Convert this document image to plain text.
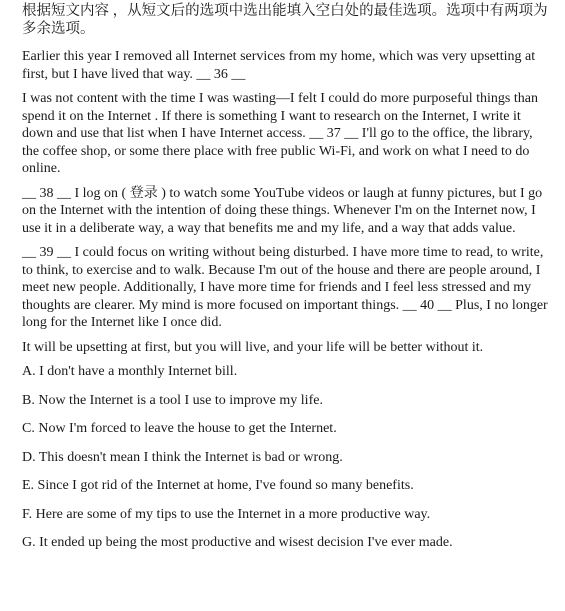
根据短文内容 ，从短文后的选项中选出能填入空白处的最佳选项。选项中有两项为多余选项。

Earlier this year I removed all Internet services from my home, which was very upsetting at first, but I have lived that way. __ 36 __

I was not content with the time I was wasting—I felt I could do more purposeful things than spend it on the Internet . If there is something I want to research on the Internet, I write it down and use that list when I have Internet access. __ 37 __ I'll go to the office, the library, the coffee shop, or some there place with free public Wi-Fi, and work on what I need to do online.

__ 38 __ I log on ( 登录 ) to watch some YouTube videos or laugh at funny pictures, but I go on the Internet with the intention of doing these things. Whenever I'm on the Internet now, I use it in a deliberate way, a way that benefits me and my life, and a way that adds value.

__ 39 __ I could focus on writing without being disturbed. I have more time to read, to write, to think, to exercise and to walk. Because I'm out of the house and there are people around, I meet new people. Additionally, I have more time for friends and I feel less stressed and my thoughts are clearer. My mind is more focused on important things. __ 40 __ Plus, I no longer long for the Internet like I once did.

It will be upsetting at first, but you will live, and your life will be better without it.

A. I don't have a monthly Internet bill.

B. Now the Internet is a tool I use to improve my life.

C. Now I'm forced to leave the house to get the Internet.

D. This doesn't mean I think the Internet is bad or wrong.

E. Since I got rid of the Internet at home, I've found so many benefits.

F. Here are some of my tips to use the Internet in a more productive way.

G. It ended up being the most productive and wisest decision I've ever made.
